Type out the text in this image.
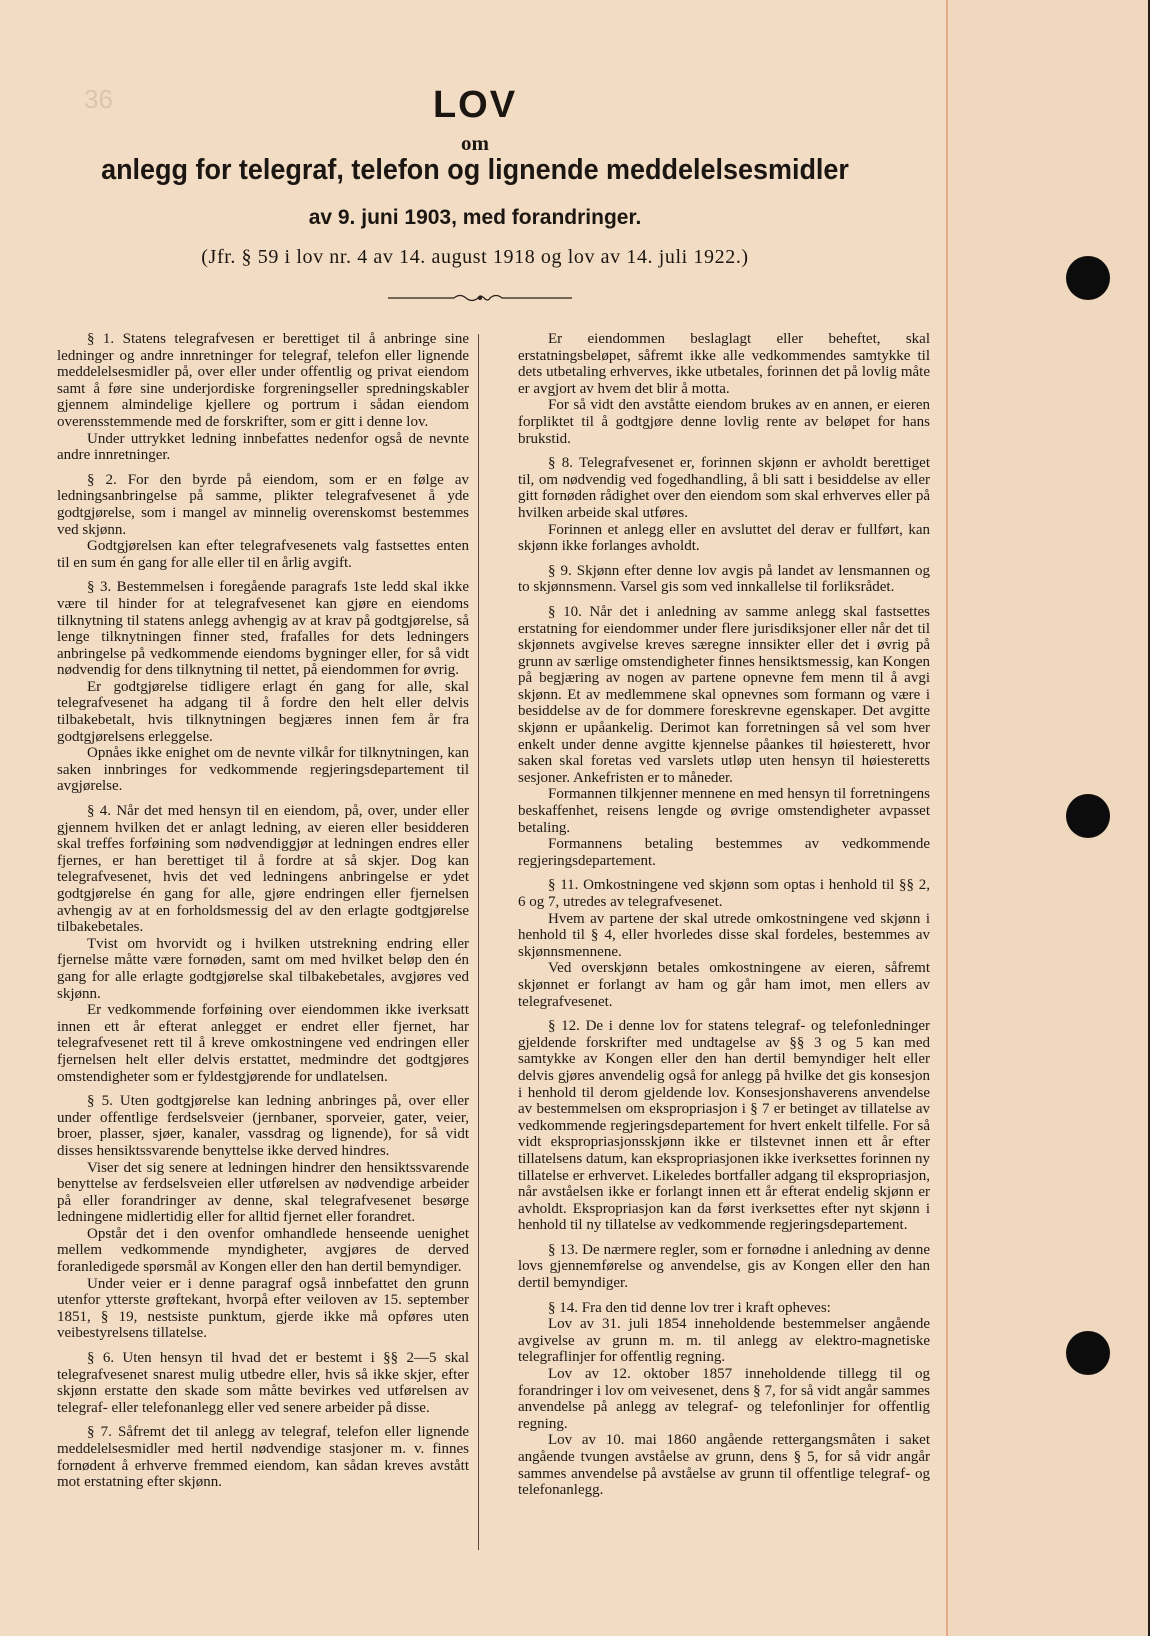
36	LOV
om
anlegg for telegraf, telefon og lignende meddelelsesmidler
av 9. juni 1903, med forandringer.
(Jfr. § 59 i lov nr. 4 av 14. august 1918 og lov av 14. juli 1922.)

§ 1. Statens telegrafvesen er berettiget til å anbringe sine ledninger og andre innretninger for telegraf, telefon eller lignende meddelelsesmidler på, over eller under offentlig og privat eiendom samt å føre sine underjordiske forgreningseller spredningskabler gjennem almindelige kjellere og portrum i sådan eiendom overensstemmende med de forskrifter, som er gitt i denne lov.

Under uttrykket ledning innbefattes nedenfor også de nevnte andre innretninger.

§ 2. For den byrde på eiendom, som er en følge av ledningsanbringelse på samme, plikter telegrafvesenet å yde godtgjørelse, som i mangel av minnelig overenskomst bestemmes ved skjønn.

Godtgjørelsen kan efter telegrafvesenets valg fastsettes enten til en sum én gang for alle eller til en årlig avgift.

§ 3. Bestemmelsen i foregående paragrafs 1ste ledd skal ikke være til hinder for at telegrafvesenet kan gjøre en eiendoms tilknytning til statens anlegg avhengig av at krav på godtgjørelse, så lenge tilknytningen finner sted, frafalles for dets ledningers anbringelse på vedkommende eiendoms bygninger eller, for så vidt nødvendig for dens tilknytning til nettet, på eiendommen for øvrig.

Er godtgjørelse tidligere erlagt én gang for alle, skal telegrafvesenet ha adgang til å fordre den helt eller delvis tilbakebetalt, hvis tilknytningen begjæres innen fem år fra godtgjørelsens erleggelse.

Opnåes ikke enighet om de nevnte vilkår for tilknytningen, kan saken innbringes for vedkommende regjeringsdepartement til avgjørelse.

§ 4. Når det med hensyn til en eiendom, på, over, under eller gjennem hvilken det er anlagt ledning, av eieren eller besidderen skal treffes forføining som nødvendiggjør at ledningen endres eller fjernes, er han berettiget til å fordre at så skjer. Dog kan telegrafvesenet, hvis det ved ledningens anbringelse er ydet godtgjørelse én gang for alle, gjøre endringen eller fjernelsen avhengig av at en forholdsmessig del av den erlagte godtgjørelse tilbakebetales.

Tvist om hvorvidt og i hvilken utstrekning endring eller fjernelse måtte være fornøden, samt om med hvilket beløp den én gang for alle erlagte godtgjørelse skal tilbakebetales, avgjøres ved skjønn.

Er vedkommende forføining over eiendommen ikke iverksatt innen ett år efterat anlegget er endret eller fjernet, har telegrafvesenet rett til å kreve omkostningene ved endringen eller fjernelsen helt eller delvis erstattet, medmindre det godtgjøres omstendigheter som er fyldestgjørende for undlatelsen.

§ 5. Uten godtgjørelse kan ledning anbringes på, over eller under offentlige ferdselsveier (jernbaner, sporveier, gater, veier, broer, plasser, sjøer, kanaler, vassdrag og lignende), for så vidt disses hensiktssvarende benyttelse ikke derved hindres.

Viser det sig senere at ledningen hindrer den hensiktssvarende benyttelse av ferdselsveien eller utførelsen av nødvendige arbeider på eller forandringer av denne, skal telegrafvesenet besørge ledningene midlertidig eller for alltid fjernet eller forandret.

Opstår det i den ovenfor omhandlede henseende uenighet mellem vedkommende myndigheter, avgjøres de derved foranledigede spørsmål av Kongen eller den han dertil bemyndiger.

Under veier er i denne paragraf også innbefattet den grunn utenfor ytterste grøftekant, hvorpå efter veiloven av 15. september 1851, § 19, nestsiste punktum, gjerde ikke må opføres uten veibestyrelsens tillatelse.

§ 6. Uten hensyn til hvad det er bestemt i §§ 2—5 skal telegrafvesenet snarest mulig utbedre eller, hvis så ikke skjer, efter skjønn erstatte den skade som måtte bevirkes ved utførelsen av telegraf- eller telefonanlegg eller ved senere arbeider på disse.

§ 7. Såfremt det til anlegg av telegraf, telefon eller lignende meddelelsesmidler med hertil nødvendige stasjoner m. v. finnes fornødent å erhverve fremmed eiendom, kan sådan kreves avstått mot erstatning efter skjønn.

Er eiendommen beslaglagt eller beheftet, skal erstatningsbeløpet, såfremt ikke alle vedkommendes samtykke til dets utbetaling erhverves, ikke utbetales, forinnen det på lovlig måte er avgjort av hvem det blir å motta.

For så vidt den avståtte eiendom brukes av en annen, er eieren forpliktet til å godtgjøre denne lovlig rente av beløpet for hans brukstid.

§ 8. Telegrafvesenet er, forinnen skjønn er avholdt berettiget til, om nødvendig ved fogedhandling, å bli satt i besiddelse av eller gitt fornøden rådighet over den eiendom som skal erhverves eller på hvilken arbeide skal utføres.

Forinnen et anlegg eller en avsluttet del derav er fullført, kan skjønn ikke forlanges avholdt.

§ 9. Skjønn efter denne lov avgis på landet av lensmannen og to skjønnsmenn. Varsel gis som ved innkallelse til forliksrådet.

§ 10. Når det i anledning av samme anlegg skal fastsettes erstatning for eiendommer under flere jurisdiksjoner eller når det til skjønnets avgivelse kreves særegne innsikter eller det i øvrig på grunn av særlige omstendigheter finnes hensiktsmessig, kan Kongen på begjæring av nogen av partene opnevne fem menn til å avgi skjønn. Et av medlemmene skal opnevnes som formann og være i besiddelse av de for dommere foreskrevne egenskaper. Det avgitte skjønn er upåankelig. Derimot kan forretningen så vel som hver enkelt under denne avgitte kjennelse påankes til høiesterett, hvor saken skal foretas ved varslets utløp uten hensyn til høiesteretts sesjoner. Ankefristen er to måneder.

Formannen tilkjenner mennene en med hensyn til forretningens beskaffenhet, reisens lengde og øvrige omstendigheter avpasset betaling.

Formannens betaling bestemmes av vedkommende regjeringsdepartement.

§ 11. Omkostningene ved skjønn som optas i henhold til §§ 2, 6 og 7, utredes av telegrafvesenet.

Hvem av partene der skal utrede omkostningene ved skjønn i henhold til § 4, eller hvorledes disse skal fordeles, bestemmes av skjønnsmennene.

Ved overskjønn betales omkostningene av eieren, såfremt skjønnet er forlangt av ham og går ham imot, men ellers av telegrafvesenet.

§ 12. De i denne lov for statens telegraf- og telefonledninger gjeldende forskrifter med undtagelse av §§ 3 og 5 kan med samtykke av Kongen eller den han dertil bemyndiger helt eller delvis gjøres anvendelig også for anlegg på hvilke det gis konsesjon i henhold til derom gjeldende lov. Konsesjonshaverens anvendelse av bestemmelsen om ekspropriasjon i § 7 er betinget av tillatelse av vedkommende regjeringsdepartement for hvert enkelt tilfelle. For så vidt ekspropriasjonsskjønn ikke er tilstevnet innen ett år efter tillatelsens datum, kan ekspropriasjonen ikke iverksettes forinnen ny tillatelse er erhvervet. Likeledes bortfaller adgang til ekspropriasjon, når avståelsen ikke er forlangt innen ett år efterat endelig skjønn er avholdt. Ekspropriasjon kan da først iverksettes efter nyt skjønn i henhold til ny tillatelse av vedkommende regjeringsdepartement.

§ 13. De nærmere regler, som er fornødne i anledning av denne lovs gjennemførelse og anvendelse, gis av Kongen eller den han dertil bemyndiger.

§ 14. Fra den tid denne lov trer i kraft opheves:

Lov av 31. juli 1854 inneholdende bestemmelser angående avgivelse av grunn m. m. til anlegg av elektro-magnetiske telegraflinjer for offentlig regning.

Lov av 12. oktober 1857 inneholdende tillegg til og forandringer i lov om veivesenet, dens § 7, for så vidt angår sammes anvendelse på anlegg av telegraf- og telefonlinjer for offentlig regning.

Lov av 10. mai 1860 angående rettergangsmåten i saket angående tvungen avståelse av grunn, dens § 5, for så vidr angår sammes anvendelse på avståelse av grunn til offentlige telegraf- og telefonanlegg.
